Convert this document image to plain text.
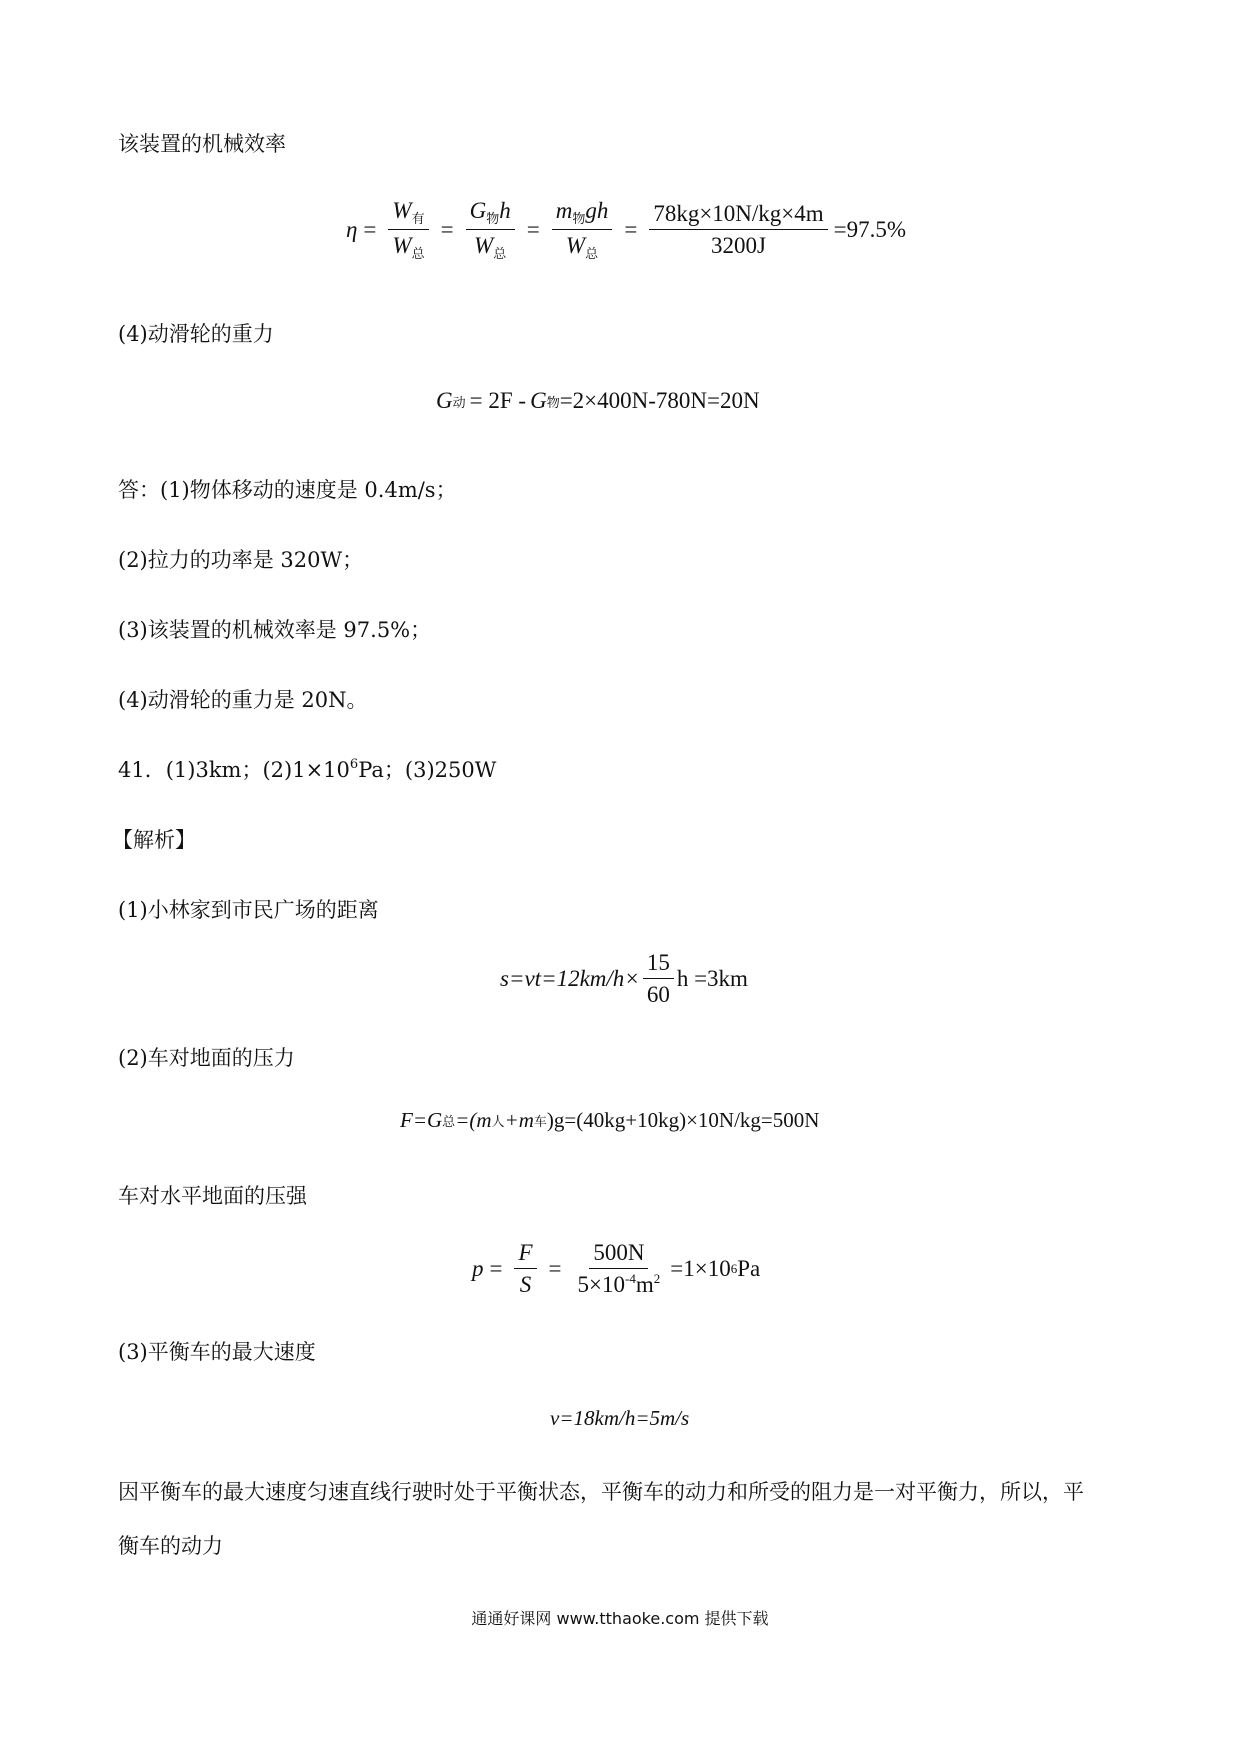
该装置的机械效率
$\eta = \frac{W_有}{W_总} = \frac{G_物h}{W_总} = \frac{m_物gh}{W_总} = \frac{78kg\times 10N/kg\times 4m}{3200J} =97.5\%$
(4)动滑轮的重力
G 动 = 2F - G 物 =2×400N-780N=20N
答：(1)物体移动的速度是 0.4m/s；
(2)拉力的功率是 320W；
(3)该装置的机械效率是 97.5%；
(4)动滑轮的重力是 20N。
41．(1)3km；$(2)1\times 10^6Pa$；(3)250W
【解析】
(1)小林家到市民广场的距离
$s=vt=12km/h\times \frac{15}{60}$ h =3km
(2)车对地面的压力
F =G 总 =(m 人 +m 车 )g=(40kg+10kg)×10N/kg=500N
车对水平地面的压强
$p = \frac{F}{S} = \frac{500N}{5\times 10^{-4}m^2} =1\times 10$ 6 Pa
(3)平衡车的最大速度
v=18km/h=5m/s
因平衡车的最大速度匀速直线行驶时处于平衡状态，平衡车的动力和所受的阻力是一对平衡力，所以，平
衡车的动力
通通好课网 www.tthaoke.com 提供下载
